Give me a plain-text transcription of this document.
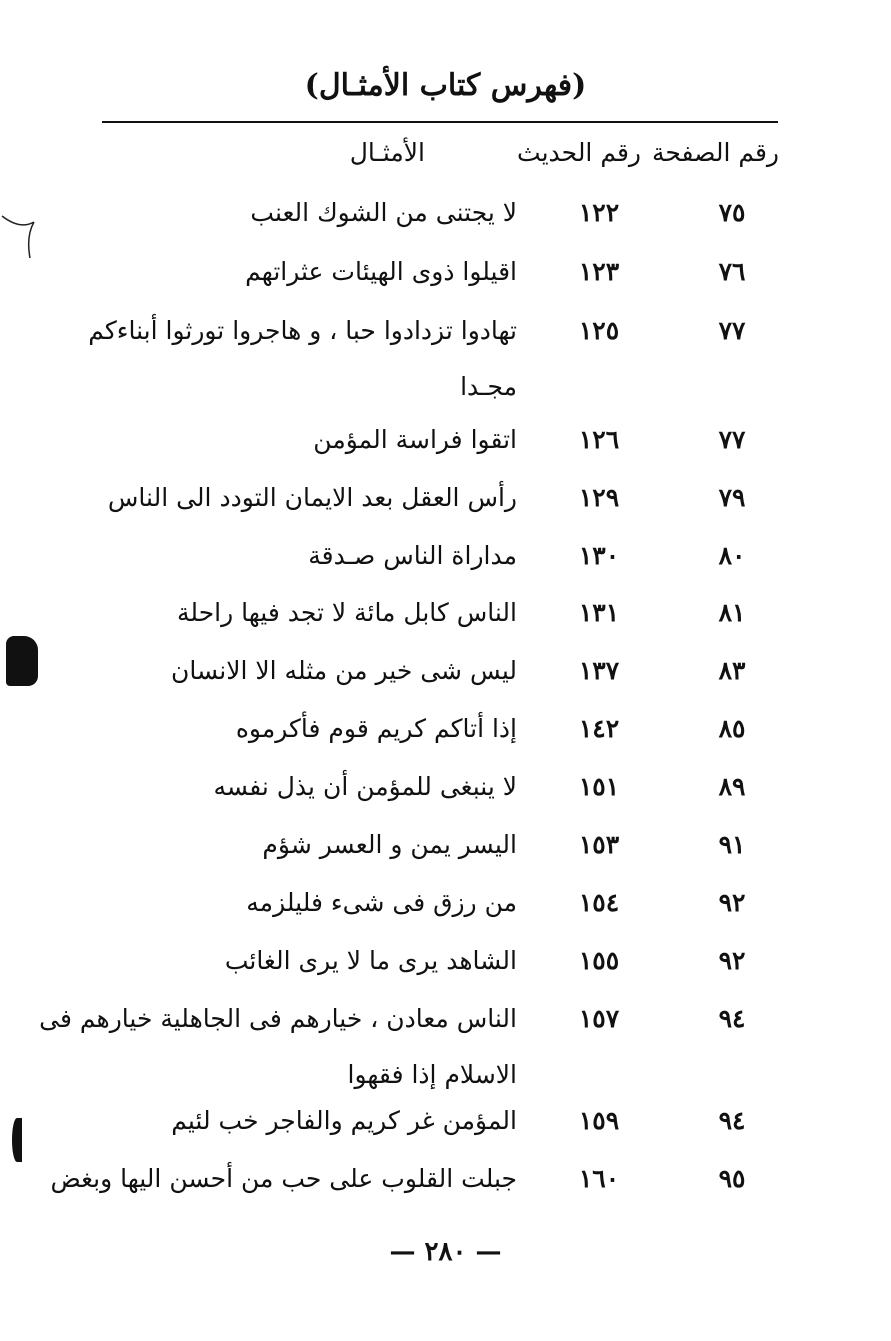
(فهرس كتاب الأمثـال)
رقم الصفحة
رقم الحديث
الأمثـال
٧٥
١٢٢
لا يجتنى من الشوك العنب
٧٦
١٢٣
اقيلوا ذوى الهيئات عثراتهم
٧٧
١٢٥
تهادوا تزدادوا حبا ، و هاجروا تورثوا أبناءكم
مجـدا
٧٧
١٢٦
اتقوا فراسة المؤمن
٧٩
١٢٩
رأس العقل بعد الايمان التودد الى الناس
٨٠
١٣٠
مداراة الناس صـدقة
٨١
١٣١
الناس كابل مائة لا تجد فيها راحلة
٨٣
١٣٧
ليس شى خير من مثله الا الانسان
٨٥
١٤٢
إذا أتاكم كريم قوم فأكرموه
٨٩
١٥١
لا ينبغى للمؤمن أن يذل نفسه
٩١
١٥٣
اليسر يمن و العسر شؤم
٩٢
١٥٤
من رزق فى شىء فليلزمه
٩٢
١٥٥
الشاهد يرى ما لا يرى الغائب
٩٤
١٥٧
الناس معادن ، خيارهم فى الجاهلية خيارهم فى
الاسلام إذا فقهوا
٩٤
١٥٩
المؤمن غر كريم والفاجر خب لئيم
٩٥
١٦٠
جبلت القلوب على حب من أحسن اليها وبغض
— ٢٨٠ —
